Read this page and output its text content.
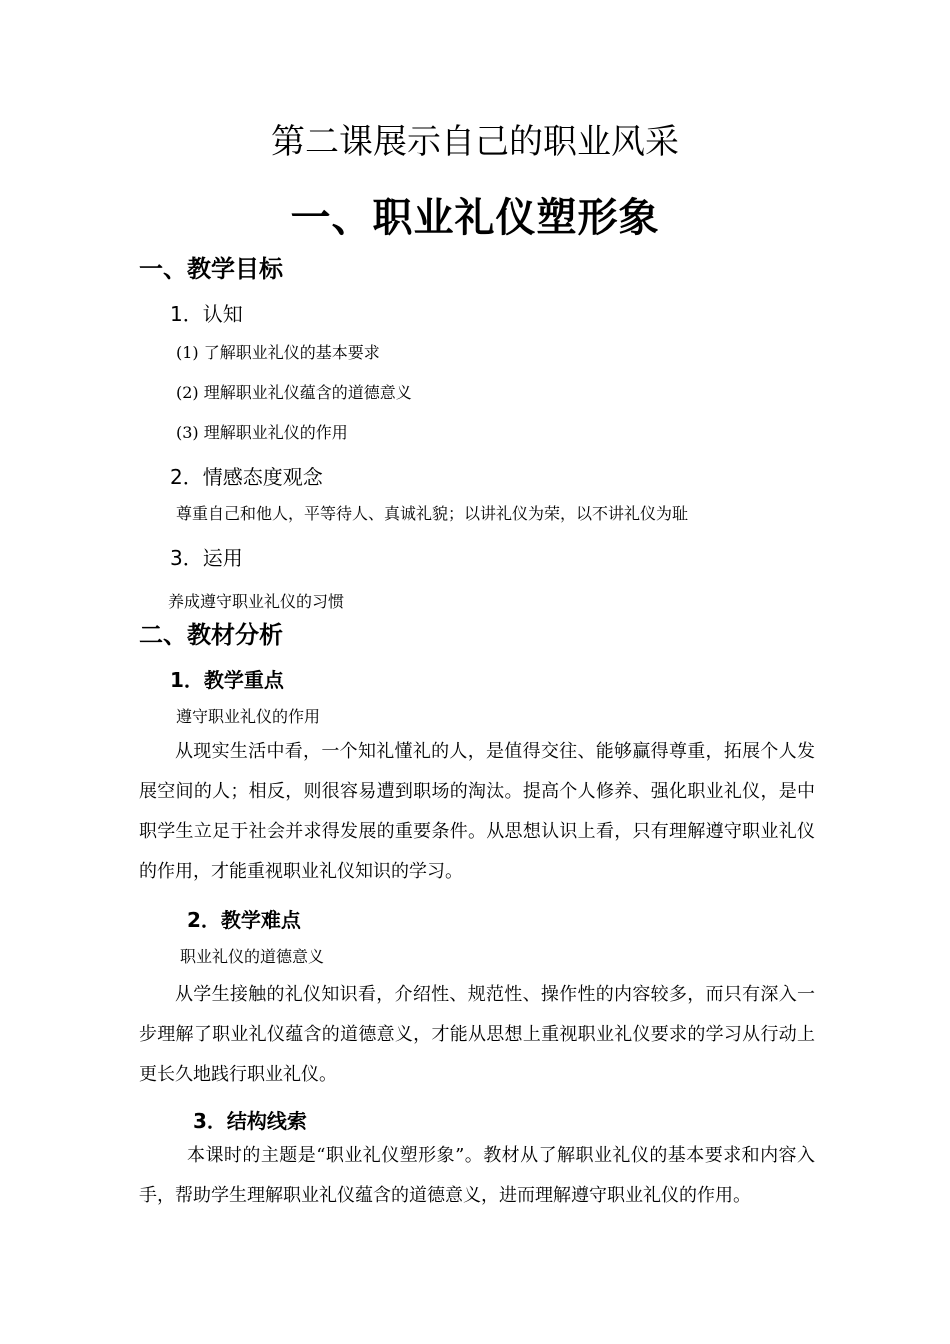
第二课展示自己的职业风采
一、职业礼仪塑形象
一、教学目标
1．认知
(1) 了解职业礼仪的基本要求
(2) 理解职业礼仪蕴含的道德意义
(3) 理解职业礼仪的作用
2．情感态度观念
尊重自己和他人，平等待人、真诚礼貌；以讲礼仪为荣，以不讲礼仪为耻
3．运用
养成遵守职业礼仪的习惯
二、教材分析
1．教学重点
遵守职业礼仪的作用

从现实生活中看，一个知礼懂礼的人，是值得交往、能够赢得尊重，拓展个人发展空间的人；相反，则很容易遭到职场的淘汰。提高个人修养、强化职业礼仪，是中职学生立足于社会并求得发展的重要条件。从思想认识上看，只有理解遵守职业礼仪的作用，才能重视职业礼仪知识的学习。

2．教学难点
职业礼仪的道德意义

从学生接触的礼仪知识看，介绍性、规范性、操作性的内容较多，而只有深入一步理解了职业礼仪蕴含的道德意义，才能从思想上重视职业礼仪要求的学习从行动上更长久地践行职业礼仪。

3．结构线索

本课时的主题是“职业礼仪塑形象”。教材从了解职业礼仪的基本要求和内容入手，帮助学生理解职业礼仪蕴含的道德意义，进而理解遵守职业礼仪的作用。
